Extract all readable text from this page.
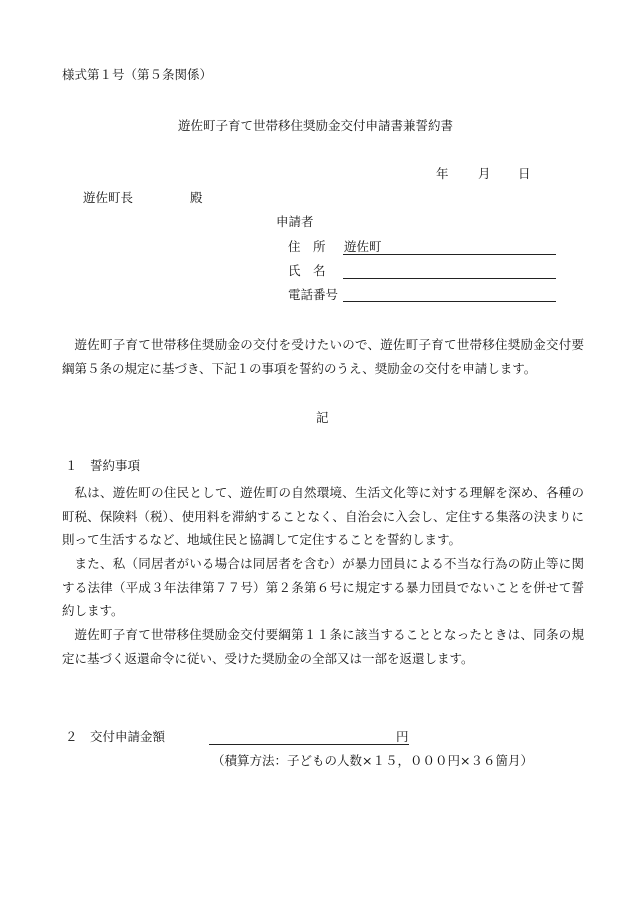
様式第１号（第５条関係）
遊佐町子育て世帯移住奨励金交付申請書兼誓約書
年 月 日
遊佐町長	殿
申請者
住　所 遊佐町
氏　名
電話番号
遊佐町子育て世帯移住奨励金の交付を受けたいので、遊佐町子育て世帯移住奨励金交付要綱第５条の規定に基づき、下記１の事項を誓約のうえ、奨励金の交付を申請します。
記
１　誓約事項
私は、遊佐町の住民として、遊佐町の自然環境、生活文化等に対する理解を深め、各種の町税、保険料（税）、使用料を滞納することなく、自治会に入会し、定住する集落の決まりに則って生活するなど、地域住民と協調して定住することを誓約します。
また、私（同居者がいる場合は同居者を含む）が暴力団員による不当な行為の防止等に関する法律（平成３年法律第７７号）第２条第６号に規定する暴力団員でないことを併せて誓約します。
遊佐町子育て世帯移住奨励金交付要綱第１１条に該当することとなったときは、同条の規定に基づく返還命令に従い、受けた奨励金の全部又は一部を返還します。
２　交付申請金額	円
（積算方法：子どもの人数×１５，０００円×３６箇月）
